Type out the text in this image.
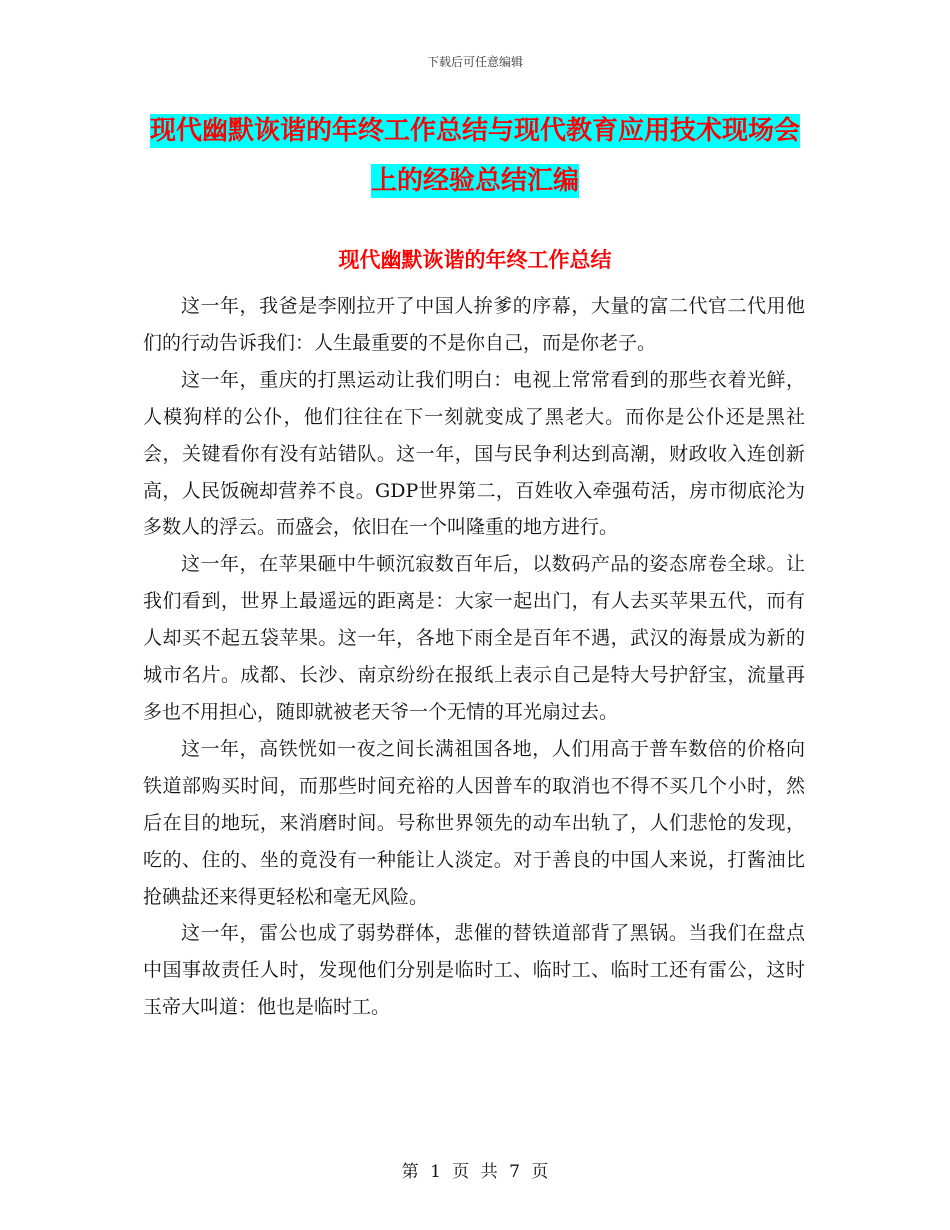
下载后可任意编辑
现代幽默诙谐的年终工作总结与现代教育应用技术现场会上的经验总结汇编
现代幽默诙谐的年终工作总结

这一年，我爸是李刚拉开了中国人拚爹的序幕，大量的富二代官二代用他们的行动告诉我们：人生最重要的不是你自己，而是你老子。

这一年，重庆的打黑运动让我们明白：电视上常常看到的那些衣着光鲜，人模狗样的公仆，他们往往在下一刻就变成了黑老大。而你是公仆还是黑社会，关键看你有没有站错队。这一年，国与民争利达到高潮，财政收入连创新高，人民饭碗却营养不良。GDP世界第二，百姓收入牵强苟活，房市彻底沦为多数人的浮云。而盛会，依旧在一个叫隆重的地方进行。

这一年，在苹果砸中牛顿沉寂数百年后，以数码产品的姿态席卷全球。让我们看到，世界上最遥远的距离是：大家一起出门，有人去买苹果五代，而有人却买不起五袋苹果。这一年，各地下雨全是百年不遇，武汉的海景成为新的城市名片。成都、长沙、南京纷纷在报纸上表示自己是特大号护舒宝，流量再多也不用担心，随即就被老天爷一个无情的耳光扇过去。

这一年，高铁恍如一夜之间长满祖国各地，人们用高于普车数倍的价格向铁道部购买时间，而那些时间充裕的人因普车的取消也不得不买几个小时，然后在目的地玩，来消磨时间。号称世界领先的动车出轨了，人们悲怆的发现，吃的、住的、坐的竟没有一种能让人淡定。对于善良的中国人来说，打酱油比抢碘盐还来得更轻松和毫无风险。

这一年，雷公也成了弱势群体，悲催的替铁道部背了黑锅。当我们在盘点中国事故责任人时，发现他们分别是临时工、临时工、临时工还有雷公，这时玉帝大叫道：他也是临时工。

第 1 页 共 7 页
